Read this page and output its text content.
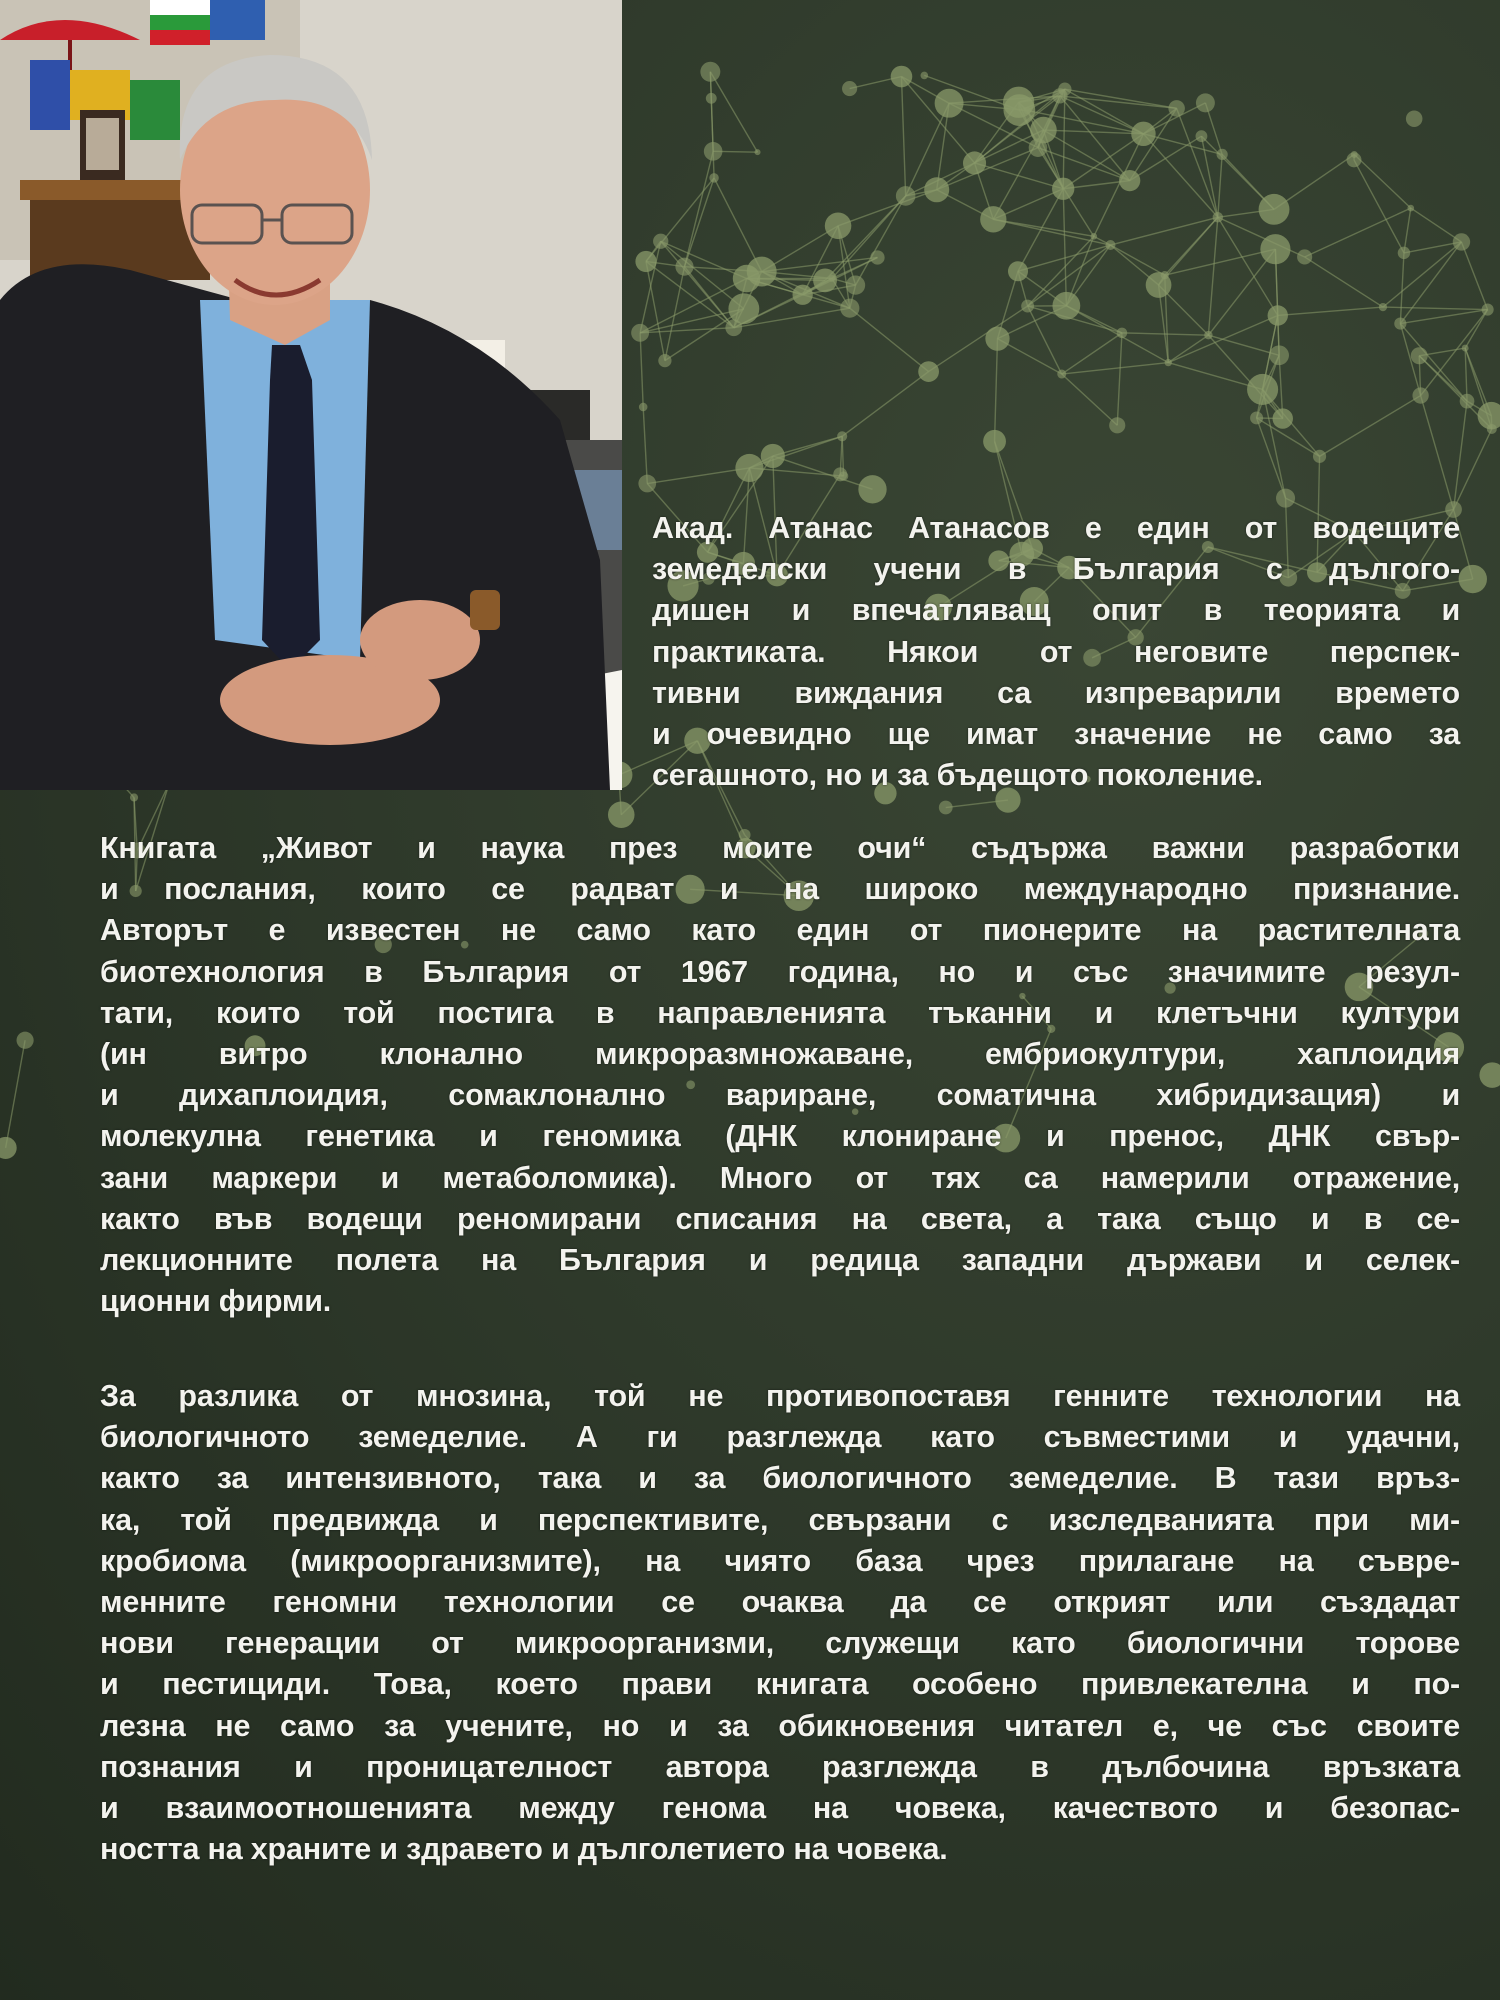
Акад. Атанас Атанасов е един от водещите
земеделски учени в България с дългого-
дишен и впечатляващ опит в теорията и
практиката. Някои от неговите перспек-
тивни виждания са изпреварили времето
и очевидно ще имат значение не само за
сегашното, но и за бъдещото поколение.
Книгата „Живот и наука през моите очи“ съдържа важни разработки
и послания, които се радват и на широко международно признание.
Авторът е известен не само като един от пионерите на растителната
биотехнология в България от 1967 година, но и със значимите резул-
тати, които той постига в направленията тъканни и клетъчни култури
(ин витро клонално микроразмножаване, ембриокултури, хаплоидия
и дихаплоидия, сомаклонално вариране, соматична хибридизация) и
молекулна генетика и геномика (ДНК клониране и пренос, ДНК свър-
зани маркери и метаболомика). Много от тях са намерили отражение,
както във водещи реномирани списания на света, а така също и в се-
лекционните полета на България и редица западни държави и селек-
ционни фирми.
За разлика от мнозина, той не противопоставя генните технологии на
биологичното земеделие. А ги разглежда като съвместими и удачни,
както за интензивното, така и за биологичното земеделие. В тази връз-
ка, той предвижда и перспективите, свързани с изследванията при ми-
кробиома (микроорганизмите), на чиято база чрез прилагане на съвре-
менните геномни технологии се очаква да се открият или създадат
нови генерации от микроорганизми, служещи като биологични торове
и пестициди. Това, което прави книгата особено привлекателна и по-
лезна не само за учените, но и за обикновения читател е, че със своите
познания и проницателност автора разглежда в дълбочина връзката
и взаимоотношенията между генома на човека, качеството и безопас-
ността на храните и здравето и дълголетието на човека.
